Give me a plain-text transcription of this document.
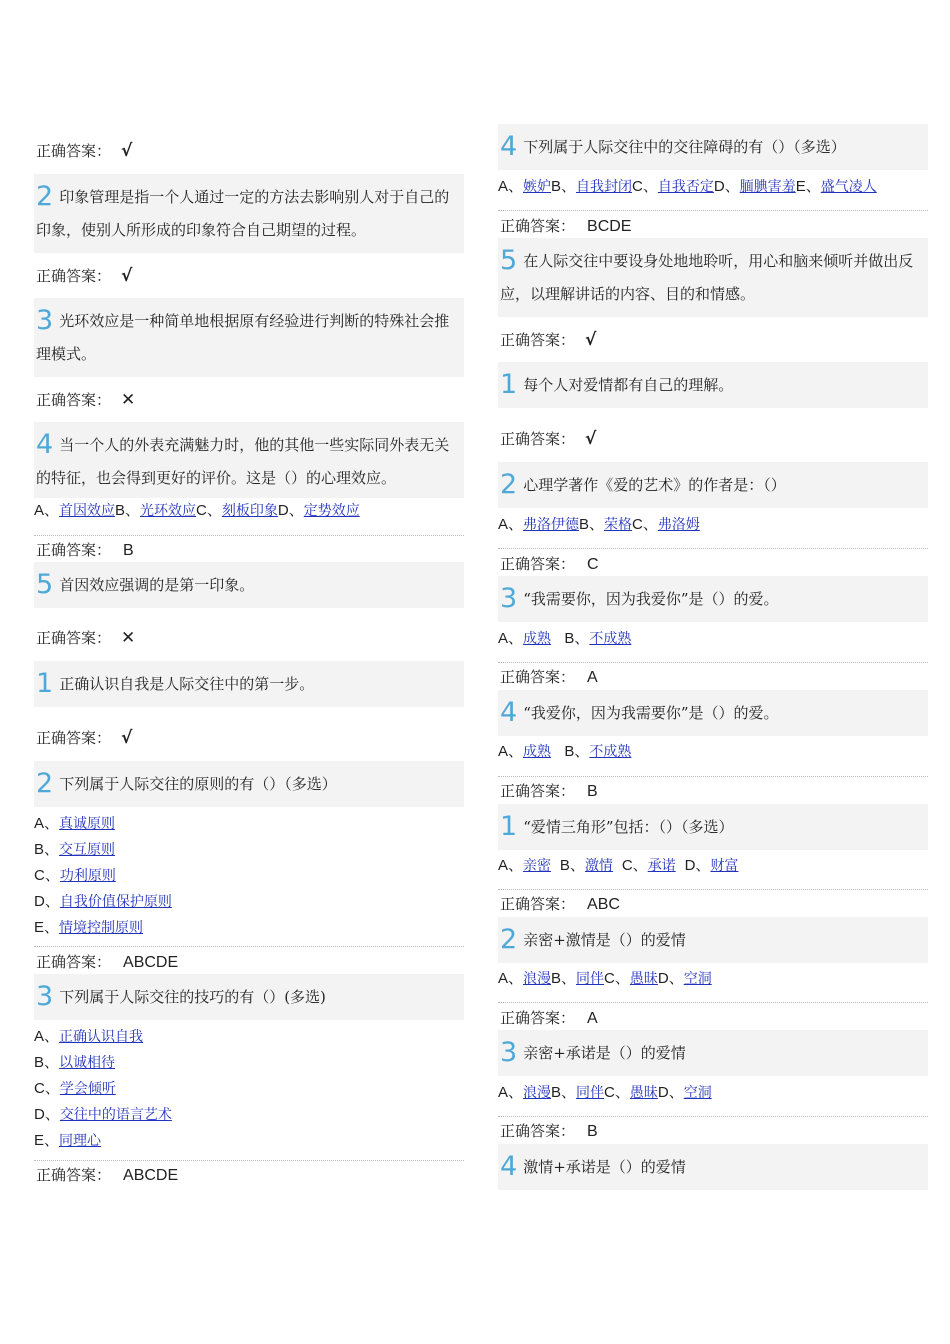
正确答案： √
2 印象管理是指一个人通过一定的方法去影响别人对于自己的印象，使别人所形成的印象符合自己期望的过程。
正确答案： √
3 光环效应是一种简单地根据原有经验进行判断的特殊社会推理模式。
正确答案： ✕
4 当一个人的外表充满魅力时，他的其他一些实际同外表无关的特征，也会得到更好的评价。这是（）的心理效应。
A、首因效应B、光环效应C、刻板印象D、定势效应
正确答案： B
5 首因效应强调的是第一印象。
正确答案： ✕
1 正确认识自我是人际交往中的第一步。
正确答案： √
2 下列属于人际交往的原则的有（）（多选）
A、真诚原则
B、交互原则
C、功利原则
D、自我价值保护原则
E、情境控制原则
正确答案： ABCDE
3 下列属于人际交往的技巧的有（）(多选)
A、正确认识自我
B、以诚相待
C、学会倾听
D、交往中的语言艺术
E、同理心
正确答案： ABCDE
4 下列属于人际交往中的交往障碍的有（）（多选）
A、嫉妒B、自我封闭C、自我否定D、腼腆害羞E、盛气凌人
正确答案： BCDE
5 在人际交往中要设身处地地聆听，用心和脑来倾听并做出反应，以理解讲话的内容、目的和情感。
正确答案： √
1 每个人对爱情都有自己的理解。
正确答案： √
2 心理学著作《爱的艺术》的作者是：（）
A、弗洛伊德B、荣格C、弗洛姆
正确答案： C
3 “我需要你，因为我爱你”是（）的爱。
A、成熟 B、不成熟
正确答案： A
4 “我爱你，因为我需要你”是（）的爱。
A、成熟 B、不成熟
正确答案： B
1 “爱情三角形”包括：（）（多选）
A、亲密 B、激情 C、承诺 D、财富
正确答案： ABC
2 亲密+激情是（）的爱情
A、浪漫B、同伴C、愚昧D、空洞
正确答案： A
3 亲密+承诺是（）的爱情
A、浪漫B、同伴C、愚昧D、空洞
正确答案： B
4 激情+承诺是（）的爱情
